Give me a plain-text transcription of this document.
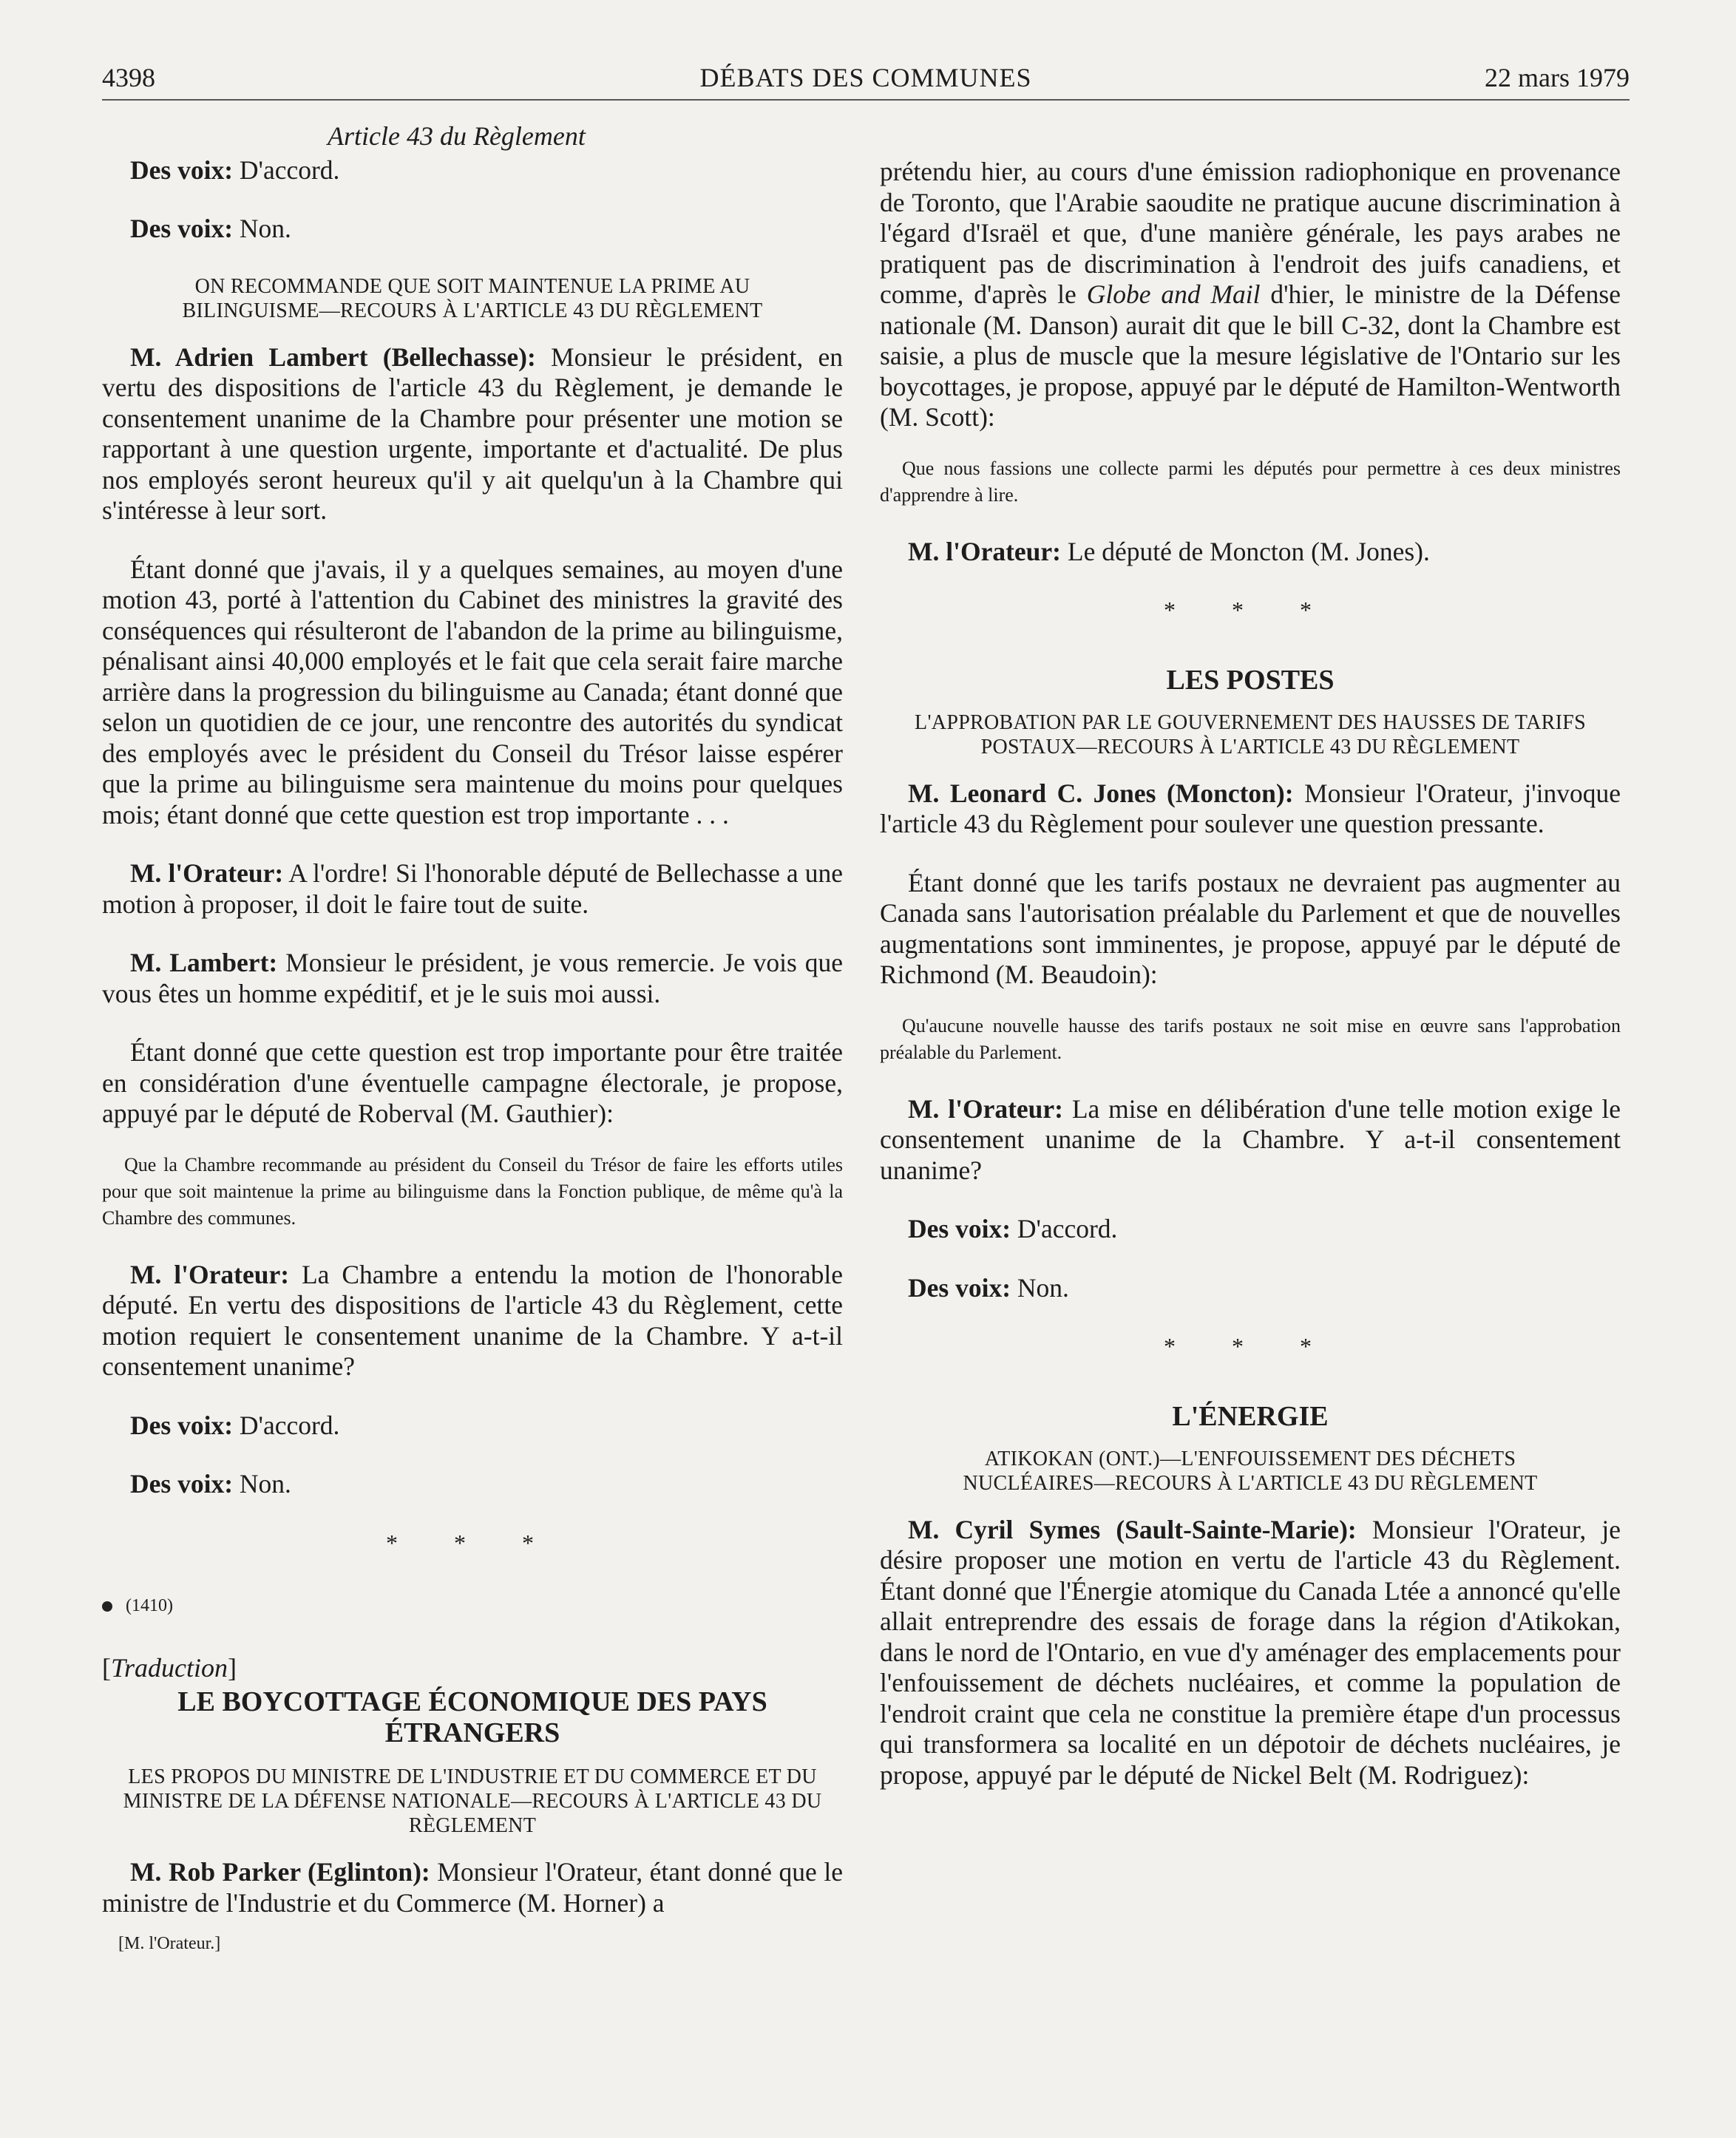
4398	DÉBATS DES COMMUNES	22 mars 1979
Article 43 du Règlement

Des voix: D'accord.

Des voix: Non.

ON RECOMMANDE QUE SOIT MAINTENUE LA PRIME AU BILINGUISME—RECOURS À L'ARTICLE 43 DU RÈGLEMENT

M. Adrien Lambert (Bellechasse): Monsieur le président, en vertu des dispositions de l'article 43 du Règlement, je demande le consentement unanime de la Chambre pour présenter une motion se rapportant à une question urgente, importante et d'actualité. De plus nos employés seront heureux qu'il y ait quelqu'un à la Chambre qui s'intéresse à leur sort.

Étant donné que j'avais, il y a quelques semaines, au moyen d'une motion 43, porté à l'attention du Cabinet des ministres la gravité des conséquences qui résulteront de l'abandon de la prime au bilinguisme, pénalisant ainsi 40,000 employés et le fait que cela serait faire marche arrière dans la progression du bilinguisme au Canada; étant donné que selon un quotidien de ce jour, une rencontre des autorités du syndicat des employés avec le président du Conseil du Trésor laisse espérer que la prime au bilinguisme sera maintenue du moins pour quelques mois; étant donné que cette question est trop importante . . .

M. l'Orateur: A l'ordre! Si l'honorable député de Bellechasse a une motion à proposer, il doit le faire tout de suite.

M. Lambert: Monsieur le président, je vous remercie. Je vois que vous êtes un homme expéditif, et je le suis moi aussi.

Étant donné que cette question est trop importante pour être traitée en considération d'une éventuelle campagne électorale, je propose, appuyé par le député de Roberval (M. Gauthier):

Que la Chambre recommande au président du Conseil du Trésor de faire les efforts utiles pour que soit maintenue la prime au bilinguisme dans la Fonction publique, de même qu'à la Chambre des communes.

M. l'Orateur: La Chambre a entendu la motion de l'honorable député. En vertu des dispositions de l'article 43 du Règlement, cette motion requiert le consentement unanime de la Chambre. Y a-t-il consentement unanime?

Des voix: D'accord.

Des voix: Non.

* * *
(1410)
[Traduction]
LE BOYCOTTAGE ÉCONOMIQUE DES PAYS ÉTRANGERS
LES PROPOS DU MINISTRE DE L'INDUSTRIE ET DU COMMERCE ET DU MINISTRE DE LA DÉFENSE NATIONALE—RECOURS À L'ARTICLE 43 DU RÈGLEMENT

M. Rob Parker (Eglinton): Monsieur l'Orateur, étant donné que le ministre de l'Industrie et du Commerce (M. Horner) a

[M. l'Orateur.]

prétendu hier, au cours d'une émission radiophonique en provenance de Toronto, que l'Arabie saoudite ne pratique aucune discrimination à l'égard d'Israël et que, d'une manière générale, les pays arabes ne pratiquent pas de discrimination à l'endroit des juifs canadiens, et comme, d'après le Globe and Mail d'hier, le ministre de la Défense nationale (M. Danson) aurait dit que le bill C-32, dont la Chambre est saisie, a plus de muscle que la mesure législative de l'Ontario sur les boycottages, je propose, appuyé par le député de Hamilton-Wentworth (M. Scott):

Que nous fassions une collecte parmi les députés pour permettre à ces deux ministres d'apprendre à lire.

M. l'Orateur: Le député de Moncton (M. Jones).

* * *
LES POSTES
L'APPROBATION PAR LE GOUVERNEMENT DES HAUSSES DE TARIFS POSTAUX—RECOURS À L'ARTICLE 43 DU RÈGLEMENT

M. Leonard C. Jones (Moncton): Monsieur l'Orateur, j'invoque l'article 43 du Règlement pour soulever une question pressante.

Étant donné que les tarifs postaux ne devraient pas augmenter au Canada sans l'autorisation préalable du Parlement et que de nouvelles augmentations sont imminentes, je propose, appuyé par le député de Richmond (M. Beaudoin):

Qu'aucune nouvelle hausse des tarifs postaux ne soit mise en œuvre sans l'approbation préalable du Parlement.

M. l'Orateur: La mise en délibération d'une telle motion exige le consentement unanime de la Chambre. Y a-t-il consentement unanime?

Des voix: D'accord.

Des voix: Non.

* * *
L'ÉNERGIE
ATIKOKAN (ONT.)—L'ENFOUISSEMENT DES DÉCHETS NUCLÉAIRES—RECOURS À L'ARTICLE 43 DU RÈGLEMENT

M. Cyril Symes (Sault-Sainte-Marie): Monsieur l'Orateur, je désire proposer une motion en vertu de l'article 43 du Règlement. Étant donné que l'Énergie atomique du Canada Ltée a annoncé qu'elle allait entreprendre des essais de forage dans la région d'Atikokan, dans le nord de l'Ontario, en vue d'y aménager des emplacements pour l'enfouissement de déchets nucléaires, et comme la population de l'endroit craint que cela ne constitue la première étape d'un processus qui transformera sa localité en un dépotoir de déchets nucléaires, je propose, appuyé par le député de Nickel Belt (M. Rodriguez):
